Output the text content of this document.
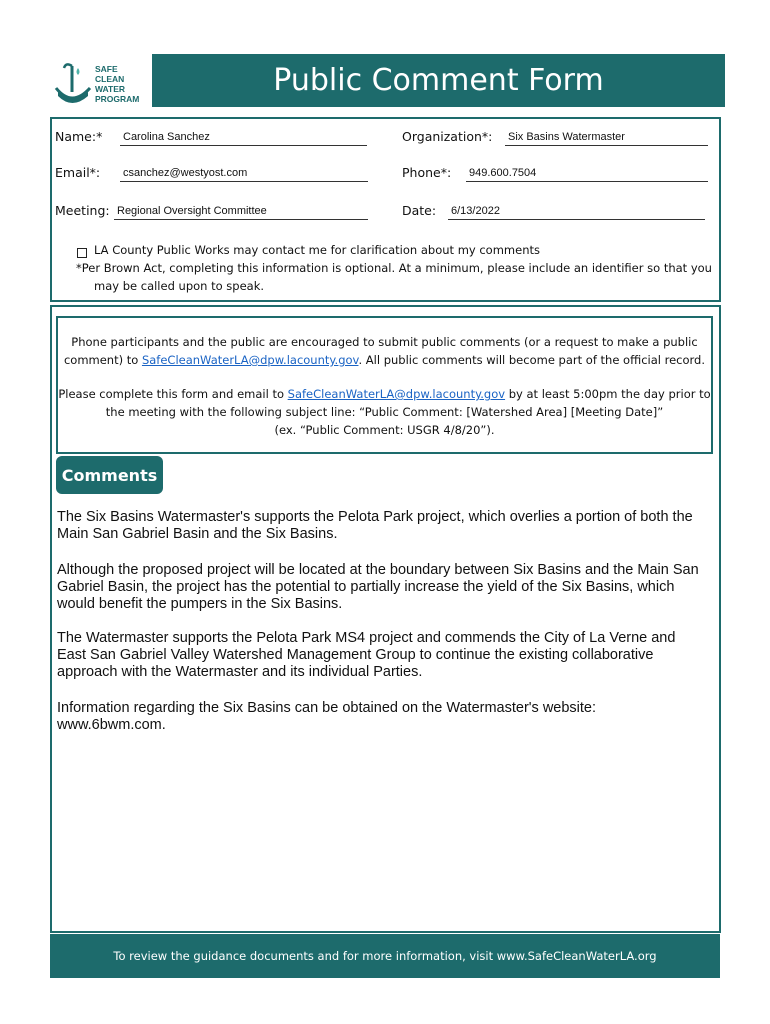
SAFE
CLEAN
WATER
PROGRAM
Public Comment Form
Name:* Carolina Sanchez	Organization*: Six Basins Watermaster
Email*: csanchez@westyost.com	Phone*: 949.600.7504
Meeting: Regional Oversight Committee	Date: 6/13/2022
LA County Public Works may contact me for clarification about my comments
*Per Brown Act, completing this information is optional. At a minimum, please include an identifier so that you
may be called upon to speak.
Phone participants and the public are encouraged to submit public comments (or a request to make a public
comment) to SafeCleanWaterLA@dpw.lacounty.gov. All public comments will become part of the official record.
Please complete this form and email to SafeCleanWaterLA@dpw.lacounty.gov by at least 5:00pm the day prior to
the meeting with the following subject line: “Public Comment: [Watershed Area] [Meeting Date]”
(ex. “Public Comment: USGR 4/8/20”).
Comments
The Six Basins Watermaster's supports the Pelota Park project, which overlies a portion of both the Main San Gabriel Basin and the Six Basins.
Although the proposed project will be located at the boundary between Six Basins and the Main San Gabriel Basin, the project has the potential to partially increase the yield of the Six Basins, which would benefit the pumpers in the Six Basins.
The Watermaster supports the Pelota Park MS4 project and commends the City of La Verne and East San Gabriel Valley Watershed Management Group to continue the existing collaborative approach with the Watermaster and its individual Parties.
Information regarding the Six Basins can be obtained on the Watermaster's website: www.6bwm.com.
To review the guidance documents and for more information, visit www.SafeCleanWaterLA.org
